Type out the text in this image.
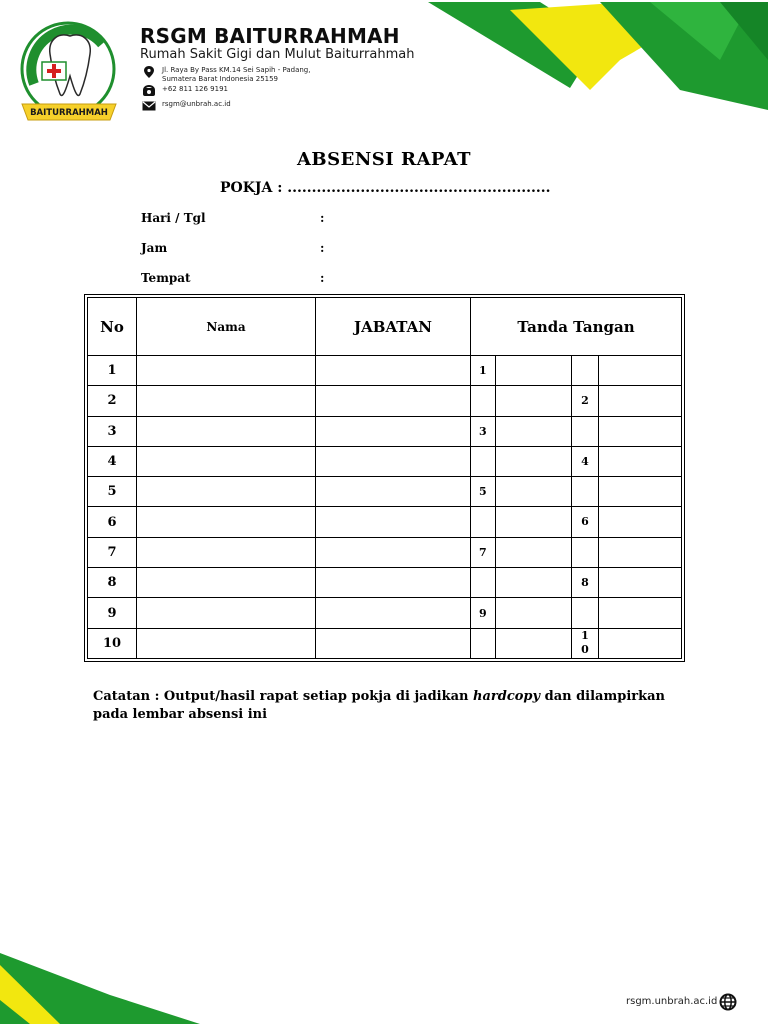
BAITURRAHMAH
RSGM BAITURRAHMAH
Rumah Sakit Gigi dan Mulut Baiturrahmah
Jl. Raya By Pass KM.14 Sei Sapih - Padang,
Sumatera Barat Indonesia 25159
+62 811 126 9191
rsgm@unbrah.ac.id
ABSENSI RAPAT
POKJA : ......................................................
Hari / Tgl	:
Jam	:
Tempat	:
No	Nama	JABATAN	Tanda Tangan			
1			1			
2					2	
3			3			
4					4	
5			5			
6					6	
7			7			
8					8	
9			9			
10					1
0	
Catatan : Output/hasil rapat setiap pokja di jadikan hardcopy dan dilampirkan pada lembar absensi ini
rsgm.unbrah.ac.id
